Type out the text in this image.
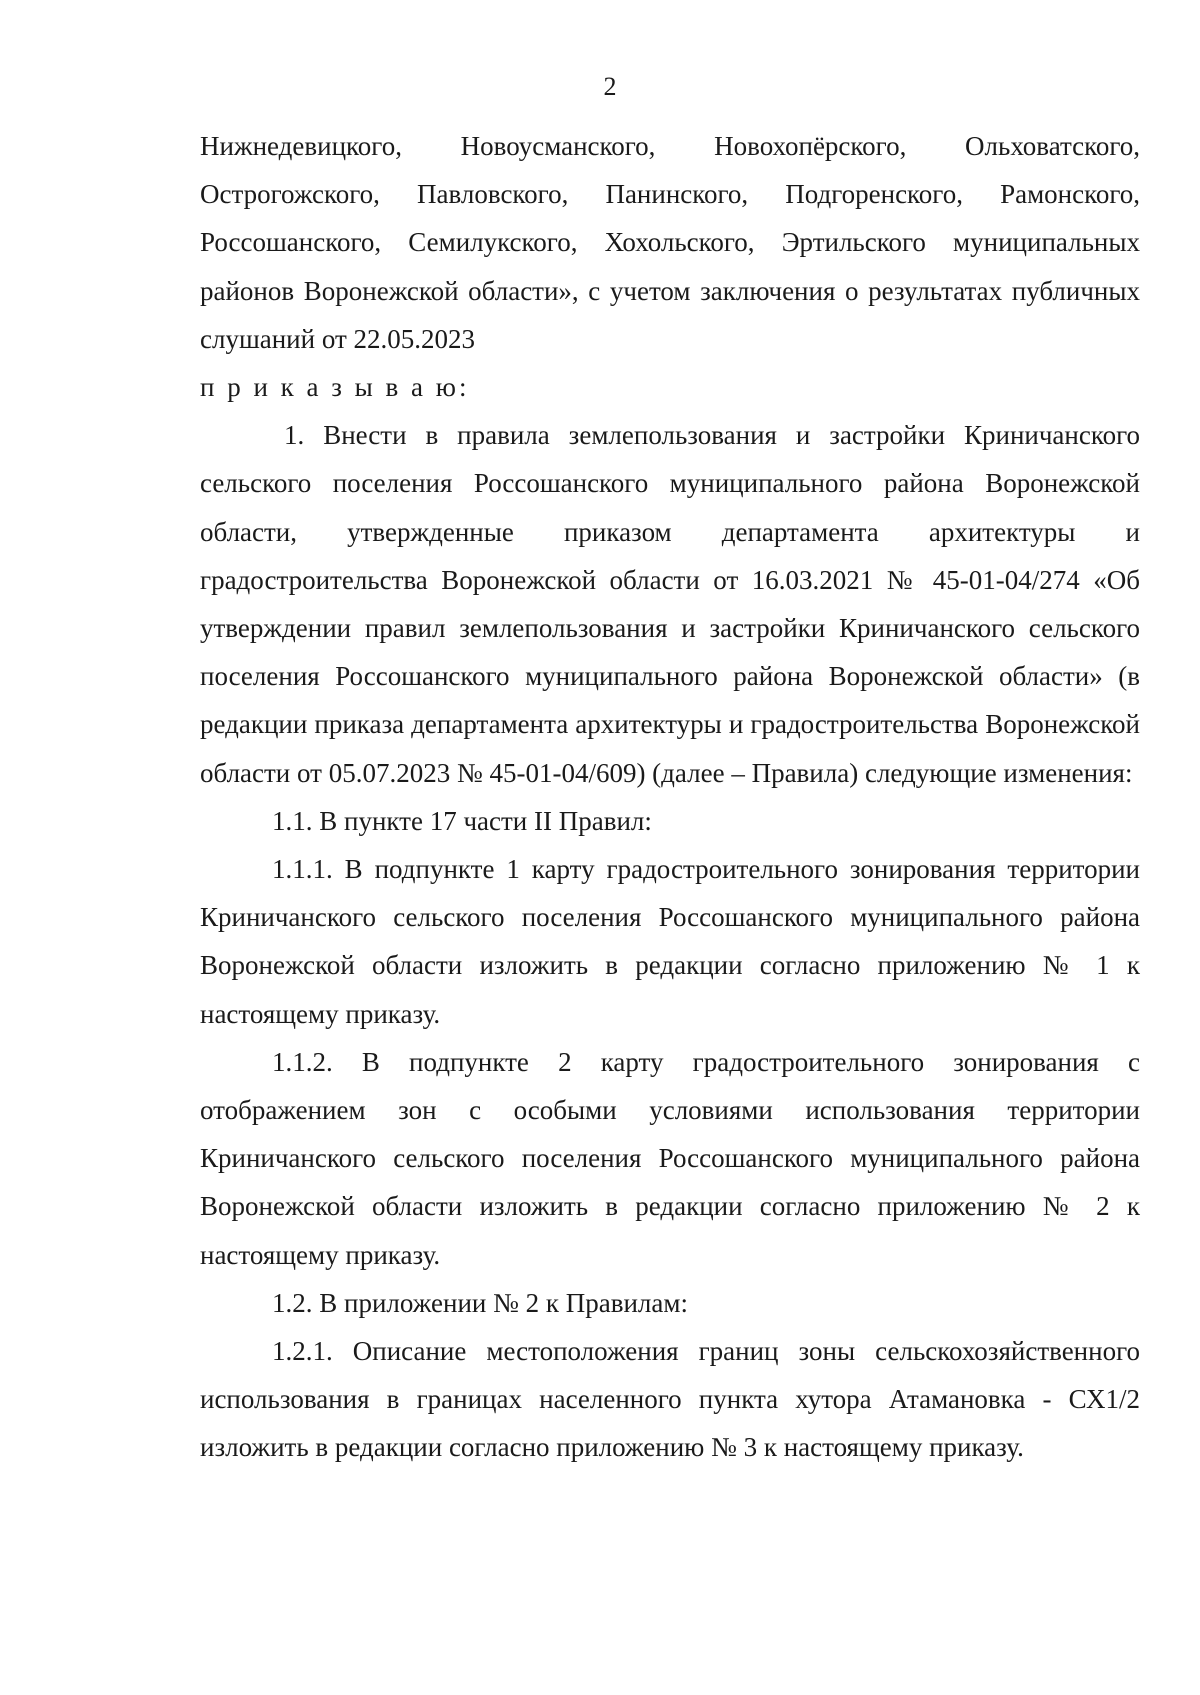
2

Нижнедевицкого, Новоусманского, Новохопёрского, Ольховатского, Острогожского, Павловского, Панинского, Подгоренского, Рамонского, Россошанского, Семилукского, Хохольского, Эртильского муниципальных районов Воронежской области», с учетом заключения о результатах публичных слушаний от 22.05.2023

п р и к а з ы в а ю:

1. Внести в правила землепользования и застройки Криничанского сельского поселения Россошанского муниципального района Воронежской области, утвержденные приказом департамента архитектуры и градостроительства Воронежской области от 16.03.2021 № 45-01-04/274 «Об утверждении правил землепользования и застройки Криничанского сельского поселения Россошанского муниципального района Воронежской области» (в редакции приказа департамента архитектуры и градостроительства Воронежской области от 05.07.2023 № 45-01-04/609) (далее – Правила) следующие изменения:

1.1. В пункте 17 части II Правил:

1.1.1. В подпункте 1 карту градостроительного зонирования территории Криничанского сельского поселения Россошанского муниципального района Воронежской области изложить в редакции согласно приложению № 1 к настоящему приказу.

1.1.2. В подпункте 2 карту градостроительного зонирования с отображением зон с особыми условиями использования территории Криничанского сельского поселения Россошанского муниципального района Воронежской области изложить в редакции согласно приложению № 2 к настоящему приказу.

1.2. В приложении № 2 к Правилам:

1.2.1. Описание местоположения границ зоны сельскохозяйственного использования в границах населенного пункта хутора Атамановка - СХ1/2 изложить в редакции согласно приложению № 3 к настоящему приказу.
